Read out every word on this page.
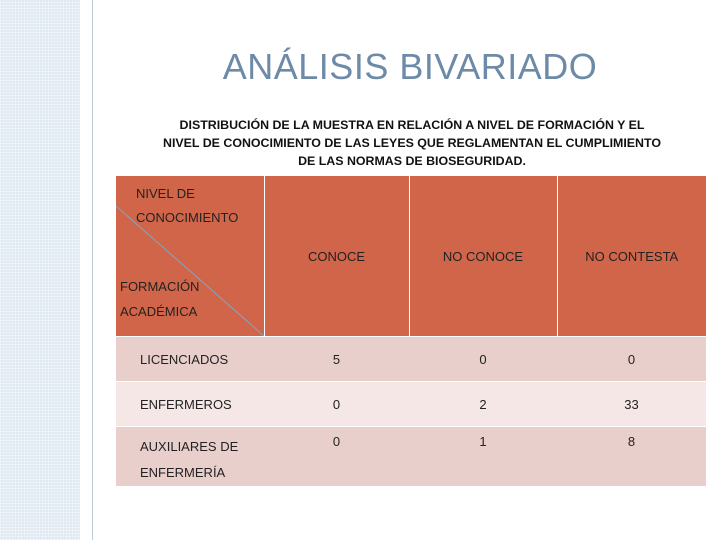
ANÁLISIS BIVARIADO
DISTRIBUCIÓN DE LA MUESTRA EN RELACIÓN A NIVEL DE FORMACIÓN Y EL
NIVEL DE CONOCIMIENTO DE LAS LEYES QUE REGLAMENTAN EL CUMPLIMIENTO
DE LAS NORMAS DE BIOSEGURIDAD.
NIVEL DE
CONOCIMIENTO
FORMACIÓN
ACADÉMICA	CONOCE	NO CONOCE	NO CONTESTA
LICENCIADOS	5	0	0
ENFERMEROS	0	2	33

AUXILIARES DE
ENFERMERÍA	0	1	8
